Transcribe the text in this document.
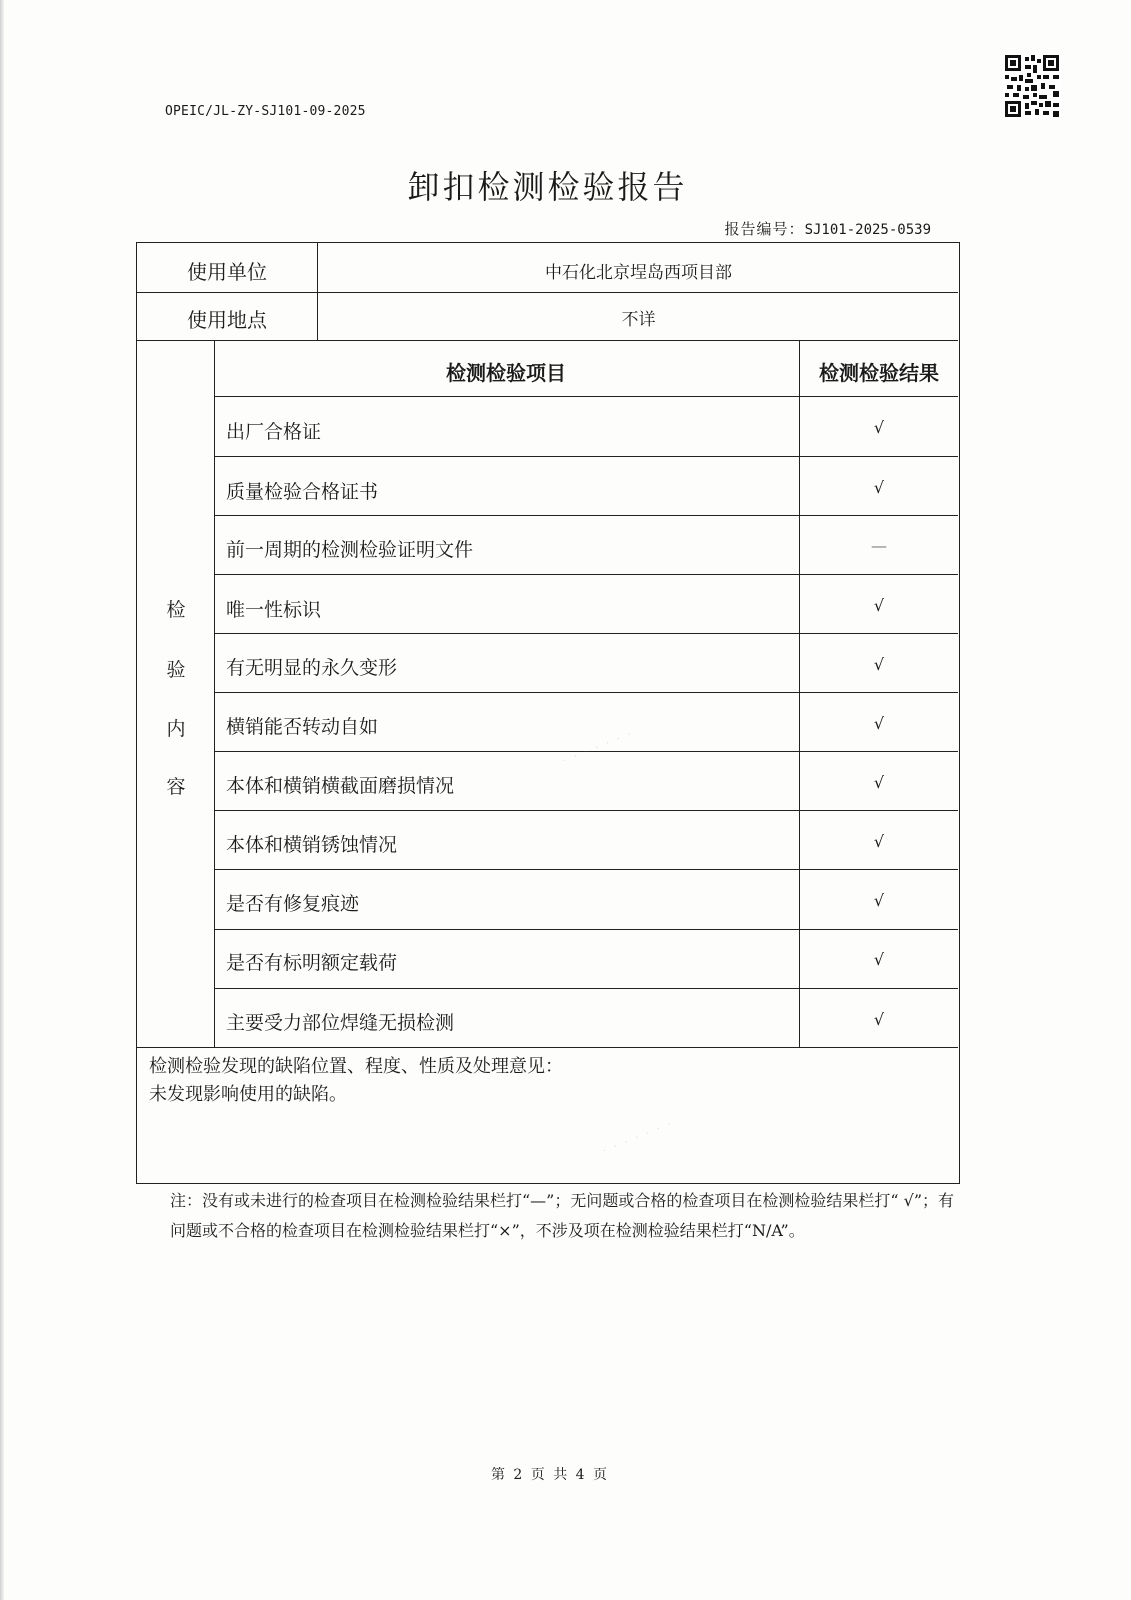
OPEIC/JL-ZY-SJ101-09-2025
卸扣检测检验报告
报告编号：SJ101-2025-0539
使用单位	中石化北京埕岛西项目部
使用地点	不详
检
验
内
容
检测检验项目	检测检验结果
出厂合格证	√
质量检验合格证书	√
前一周期的检测检验证明文件	—
唯一性标识	√
有无明显的永久变形	√
横销能否转动自如	√
本体和横销横截面磨损情况	√
本体和横销锈蚀情况	√
是否有修复痕迹	√
是否有标明额定载荷	√
主要受力部位焊缝无损检测	√
检测检验发现的缺陷位置、程度、性质及处理意见：
未发现影响使用的缺陷。
注：没有或未进行的检查项目在检测检验结果栏打“—”；无问题或合格的检查项目在检测检验结果栏打“ √”；有问题或不合格的检查项目在检测检验结果栏打“×”，不涉及项在检测检验结果栏打“N/A”。
· · · · · · ·
· · · · · · ·
第 2 页 共 4 页
